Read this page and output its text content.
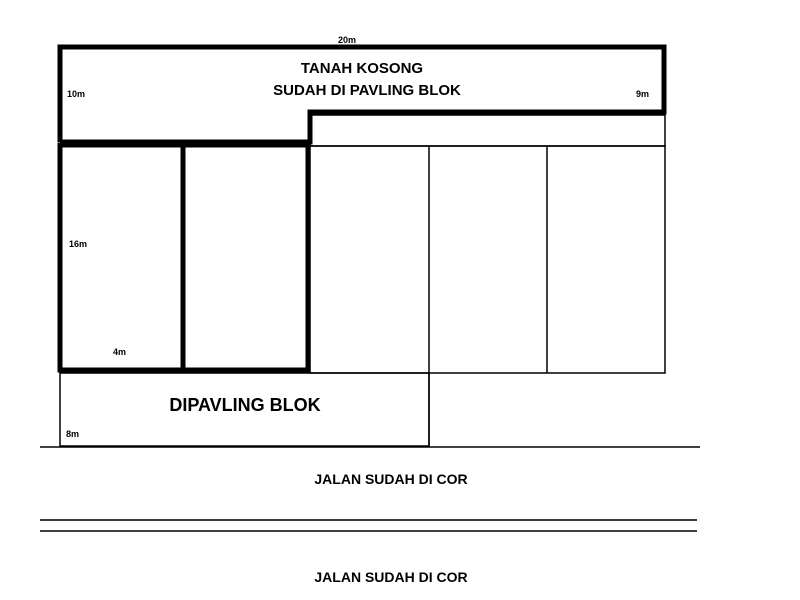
20m
10m	9m
16m
4m
8m
TANAH KOSONG
SUDAH DI PAVLING BLOK
DIPAVLING BLOK
JALAN SUDAH DI COR
JALAN SUDAH DI COR
